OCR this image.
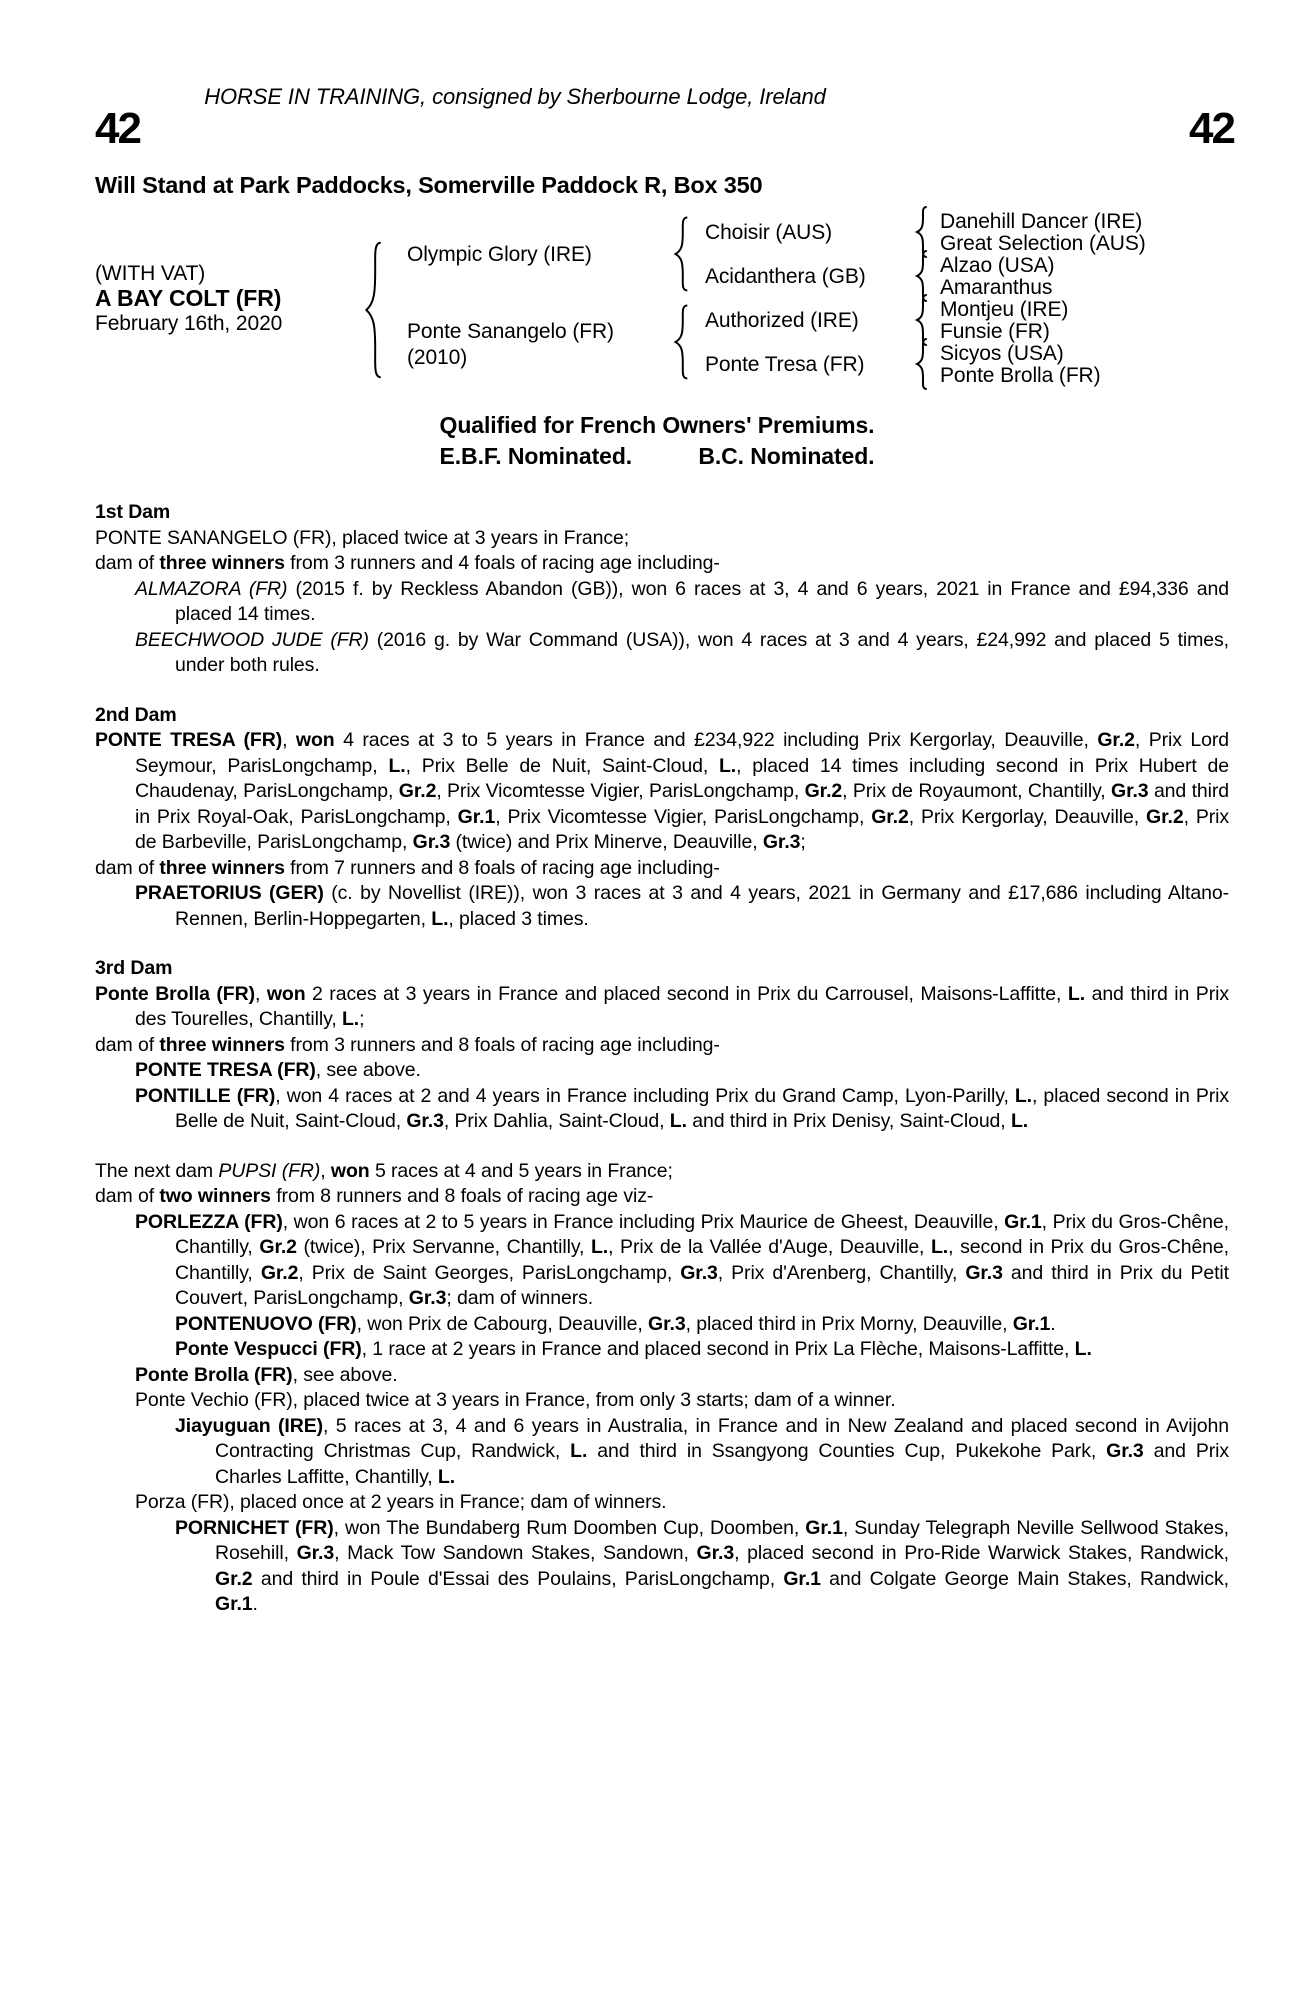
HORSE IN TRAINING, consigned by Sherbourne Lodge, Ireland
42	42
Will Stand at Park Paddocks, Somerville Paddock R, Box 350
(WITH VAT)
A BAY COLT (FR)
February 16th, 2020
Olympic Glory (IRE)
Ponte Sanangelo (FR)
(2010)
Choisir (AUS)
Acidanthera (GB)
Authorized (IRE)
Ponte Tresa (FR)
Danehill Dancer (IRE)
Great Selection (AUS)
Alzao (USA)
Amaranthus
Montjeu (IRE)
Funsie (FR)
Sicyos (USA)
Ponte Brolla (FR)
Qualified for French Owners' Premiums.
E.B.F. Nominated.	B.C. Nominated.
1st Dam
PONTE SANANGELO (FR), placed twice at 3 years in France;
dam of three winners from 3 runners and 4 foals of racing age including-
ALMAZORA (FR) (2015 f. by Reckless Abandon (GB)), won 6 races at 3, 4 and 6 years, 2021 in France and £94,336 and placed 14 times.
BEECHWOOD JUDE (FR) (2016 g. by War Command (USA)), won 4 races at 3 and 4 years, £24,992 and placed 5 times, under both rules.
2nd Dam
PONTE TRESA (FR), won 4 races at 3 to 5 years in France and £234,922 including Prix Kergorlay, Deauville, Gr.2, Prix Lord Seymour, ParisLongchamp, L., Prix Belle de Nuit, Saint-Cloud, L., placed 14 times including second in Prix Hubert de Chaudenay, ParisLongchamp, Gr.2, Prix Vicomtesse Vigier, ParisLongchamp, Gr.2, Prix de Royaumont, Chantilly, Gr.3 and third in Prix Royal-Oak, ParisLongchamp, Gr.1, Prix Vicomtesse Vigier, ParisLongchamp, Gr.2, Prix Kergorlay, Deauville, Gr.2, Prix de Barbeville, ParisLongchamp, Gr.3 (twice) and Prix Minerve, Deauville, Gr.3;
dam of three winners from 7 runners and 8 foals of racing age including-
PRAETORIUS (GER) (c. by Novellist (IRE)), won 3 races at 3 and 4 years, 2021 in Germany and £17,686 including Altano-Rennen, Berlin-Hoppegarten, L., placed 3 times.
3rd Dam
Ponte Brolla (FR), won 2 races at 3 years in France and placed second in Prix du Carrousel, Maisons-Laffitte, L. and third in Prix des Tourelles, Chantilly, L.;
dam of three winners from 3 runners and 8 foals of racing age including-
PONTE TRESA (FR), see above.
PONTILLE (FR), won 4 races at 2 and 4 years in France including Prix du Grand Camp, Lyon-Parilly, L., placed second in Prix Belle de Nuit, Saint-Cloud, Gr.3, Prix Dahlia, Saint-Cloud, L. and third in Prix Denisy, Saint-Cloud, L.
The next dam PUPSI (FR), won 5 races at 4 and 5 years in France;
dam of two winners from 8 runners and 8 foals of racing age viz-
PORLEZZA (FR), won 6 races at 2 to 5 years in France including Prix Maurice de Gheest, Deauville, Gr.1, Prix du Gros-Chêne, Chantilly, Gr.2 (twice), Prix Servanne, Chantilly, L., Prix de la Vallée d'Auge, Deauville, L., second in Prix du Gros-Chêne, Chantilly, Gr.2, Prix de Saint Georges, ParisLongchamp, Gr.3, Prix d'Arenberg, Chantilly, Gr.3 and third in Prix du Petit Couvert, ParisLongchamp, Gr.3; dam of winners.
PONTENUOVO (FR), won Prix de Cabourg, Deauville, Gr.3, placed third in Prix Morny, Deauville, Gr.1.
Ponte Vespucci (FR), 1 race at 2 years in France and placed second in Prix La Flèche, Maisons-Laffitte, L.
Ponte Brolla (FR), see above.
Ponte Vechio (FR), placed twice at 3 years in France, from only 3 starts; dam of a winner.
Jiayuguan (IRE), 5 races at 3, 4 and 6 years in Australia, in France and in New Zealand and placed second in Avijohn Contracting Christmas Cup, Randwick, L. and third in Ssangyong Counties Cup, Pukekohe Park, Gr.3 and Prix Charles Laffitte, Chantilly, L.
Porza (FR), placed once at 2 years in France; dam of winners.
PORNICHET (FR), won The Bundaberg Rum Doomben Cup, Doomben, Gr.1, Sunday Telegraph Neville Sellwood Stakes, Rosehill, Gr.3, Mack Tow Sandown Stakes, Sandown, Gr.3, placed second in Pro-Ride Warwick Stakes, Randwick, Gr.2 and third in Poule d'Essai des Poulains, ParisLongchamp, Gr.1 and Colgate George Main Stakes, Randwick, Gr.1.
